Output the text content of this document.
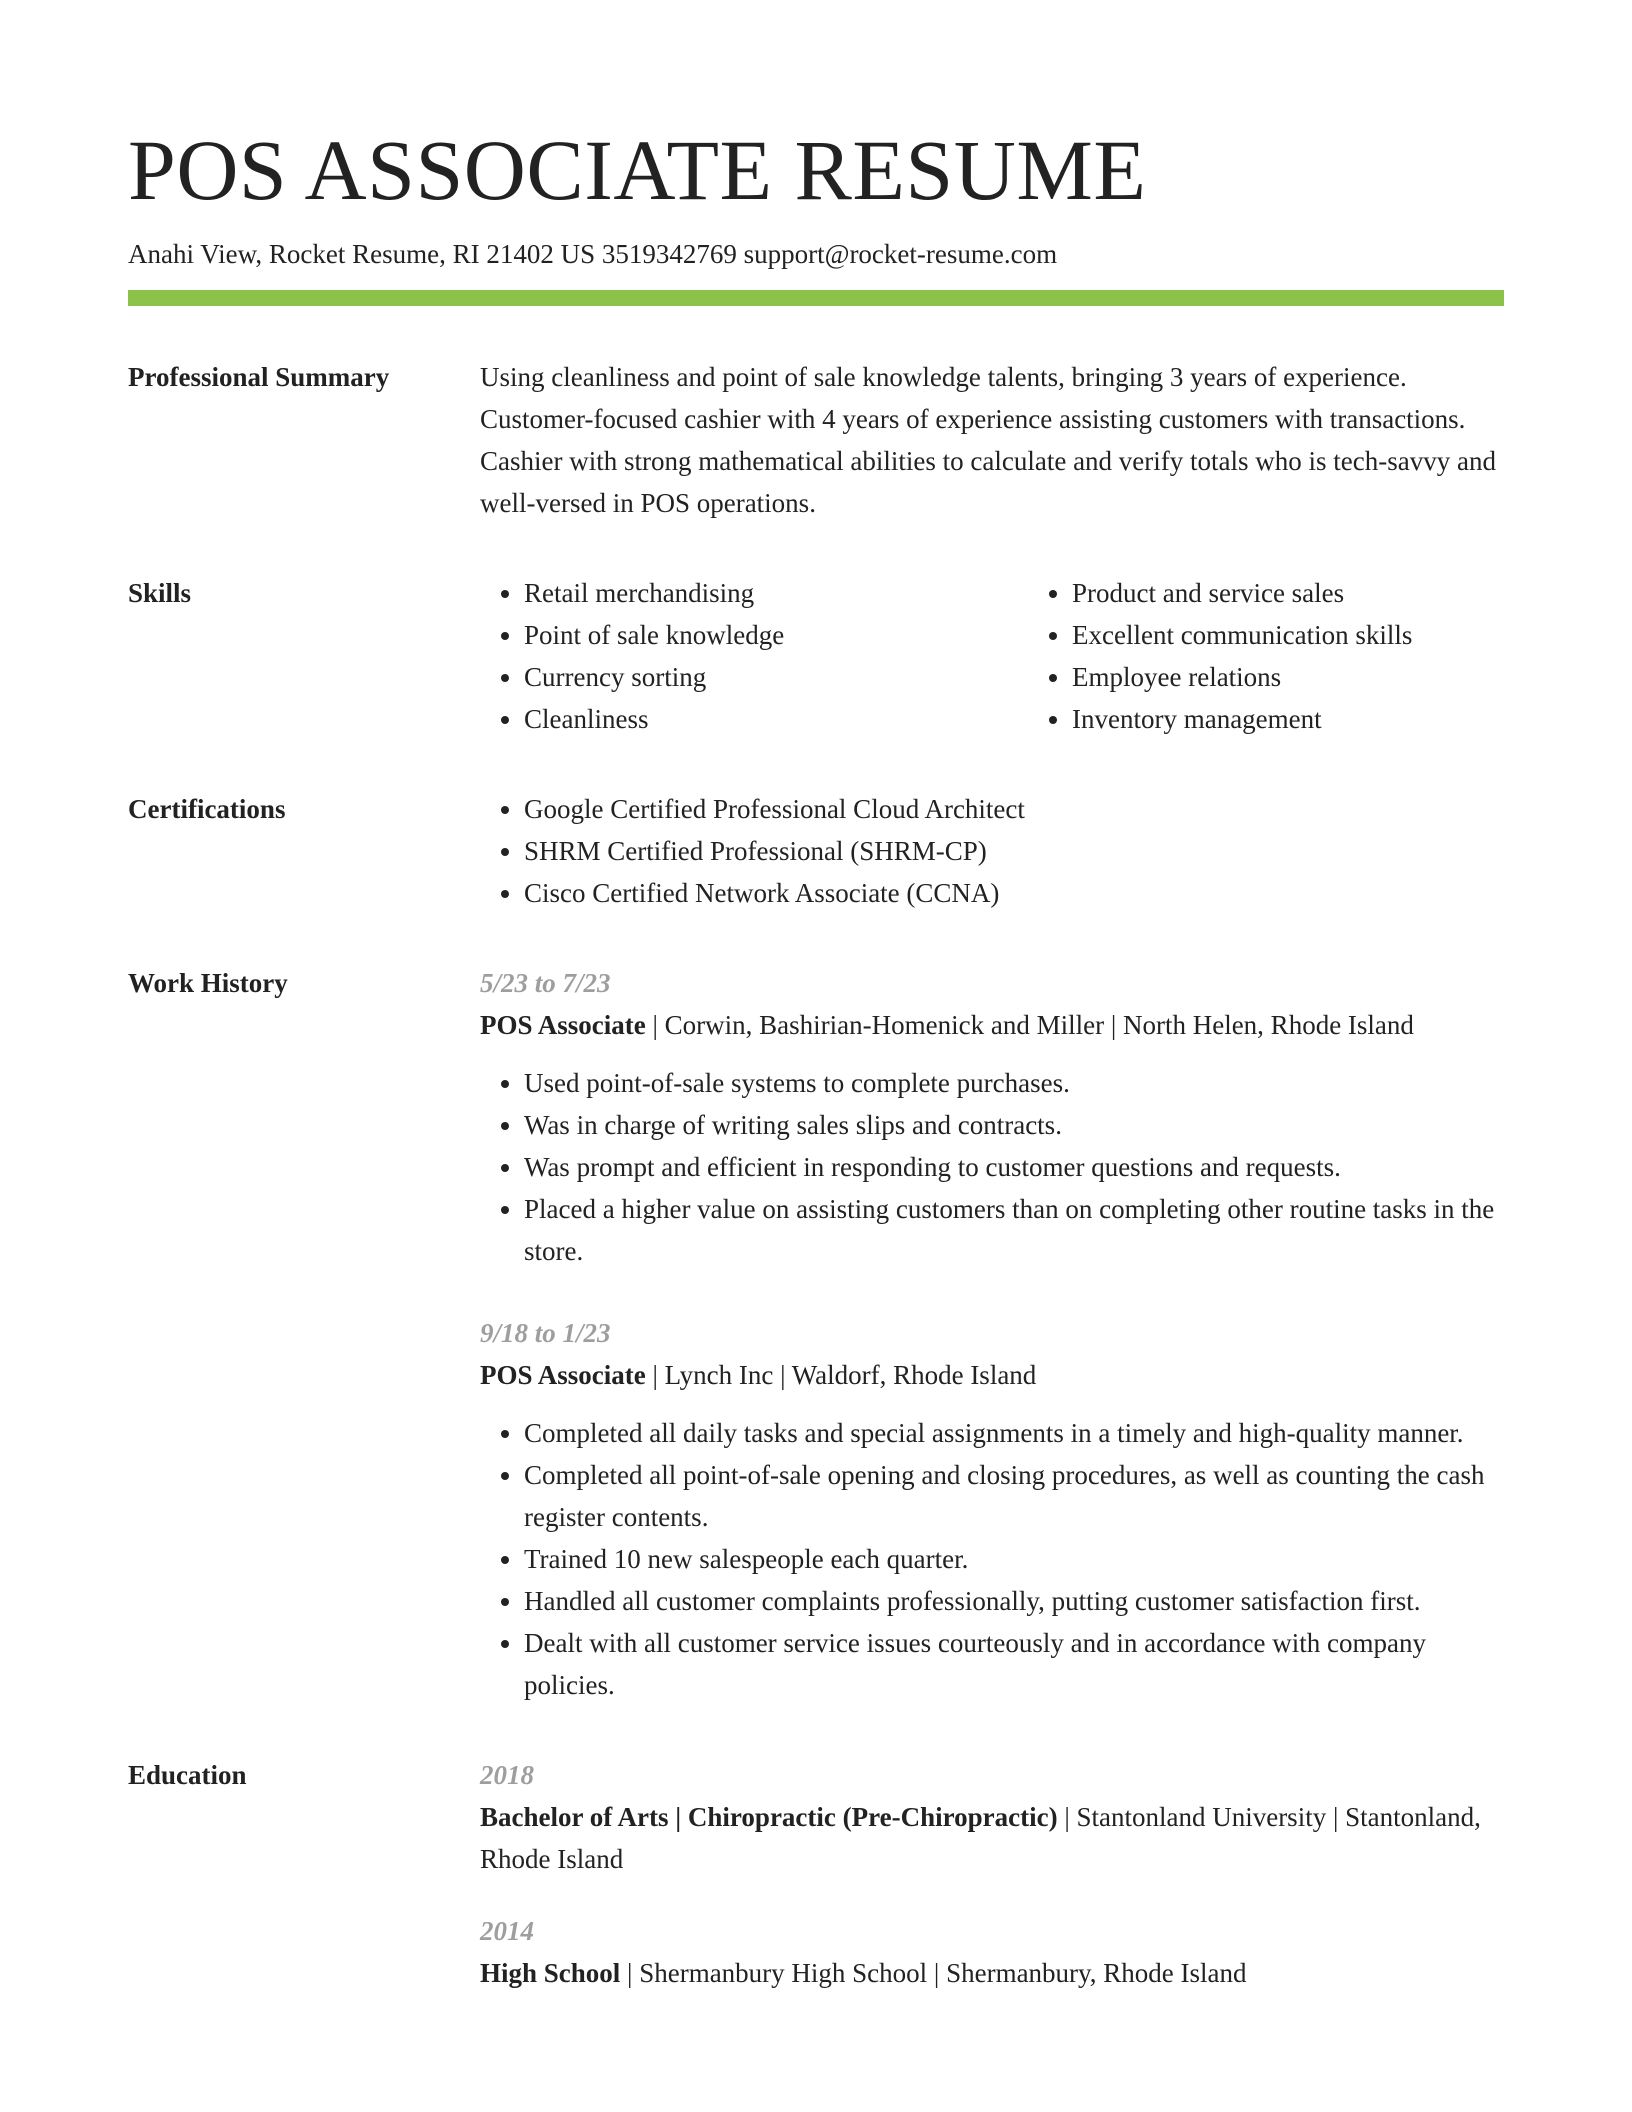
POS ASSOCIATE RESUME
Anahi View, Rocket Resume, RI 21402 US 3519342769 support@rocket-resume.com
Professional Summary	Using cleanliness and point of sale knowledge talents, bringing 3 years of experience. Customer-focused cashier with 4 years of experience assisting customers with transactions. Cashier with strong mathematical abilities to calculate and verify totals who is tech-savvy and well-versed in POS operations.

Skills	• Retail merchandising
• Point of sale knowledge
• Currency sorting
• Cleanliness
• Product and service sales
• Excellent communication skills
• Employee relations
• Inventory management
Certifications	• Google Certified Professional Cloud Architect
• SHRM Certified Professional (SHRM-CP)
• Cisco Certified Network Associate (CCNA)
Work History	5/23 to 7/23
POS Associate | Corwin, Bashirian-Homenick and Miller | North Helen, Rhode Island
• Used point-of-sale systems to complete purchases.
• Was in charge of writing sales slips and contracts.
• Was prompt and efficient in responding to customer questions and requests.
• Placed a higher value on assisting customers than on completing other routine tasks in the store.
9/18 to 1/23
POS Associate | Lynch Inc | Waldorf, Rhode Island
• Completed all daily tasks and special assignments in a timely and high-quality manner.
• Completed all point-of-sale opening and closing procedures, as well as counting the cash register contents.
• Trained 10 new salespeople each quarter.
• Handled all customer complaints professionally, putting customer satisfaction first.
• Dealt with all customer service issues courteously and in accordance with company policies.
Education	2018
Bachelor of Arts | Chiropractic (Pre-Chiropractic) | Stantonland University | Stantonland, Rhode Island
2014
High School | Shermanbury High School | Shermanbury, Rhode Island
